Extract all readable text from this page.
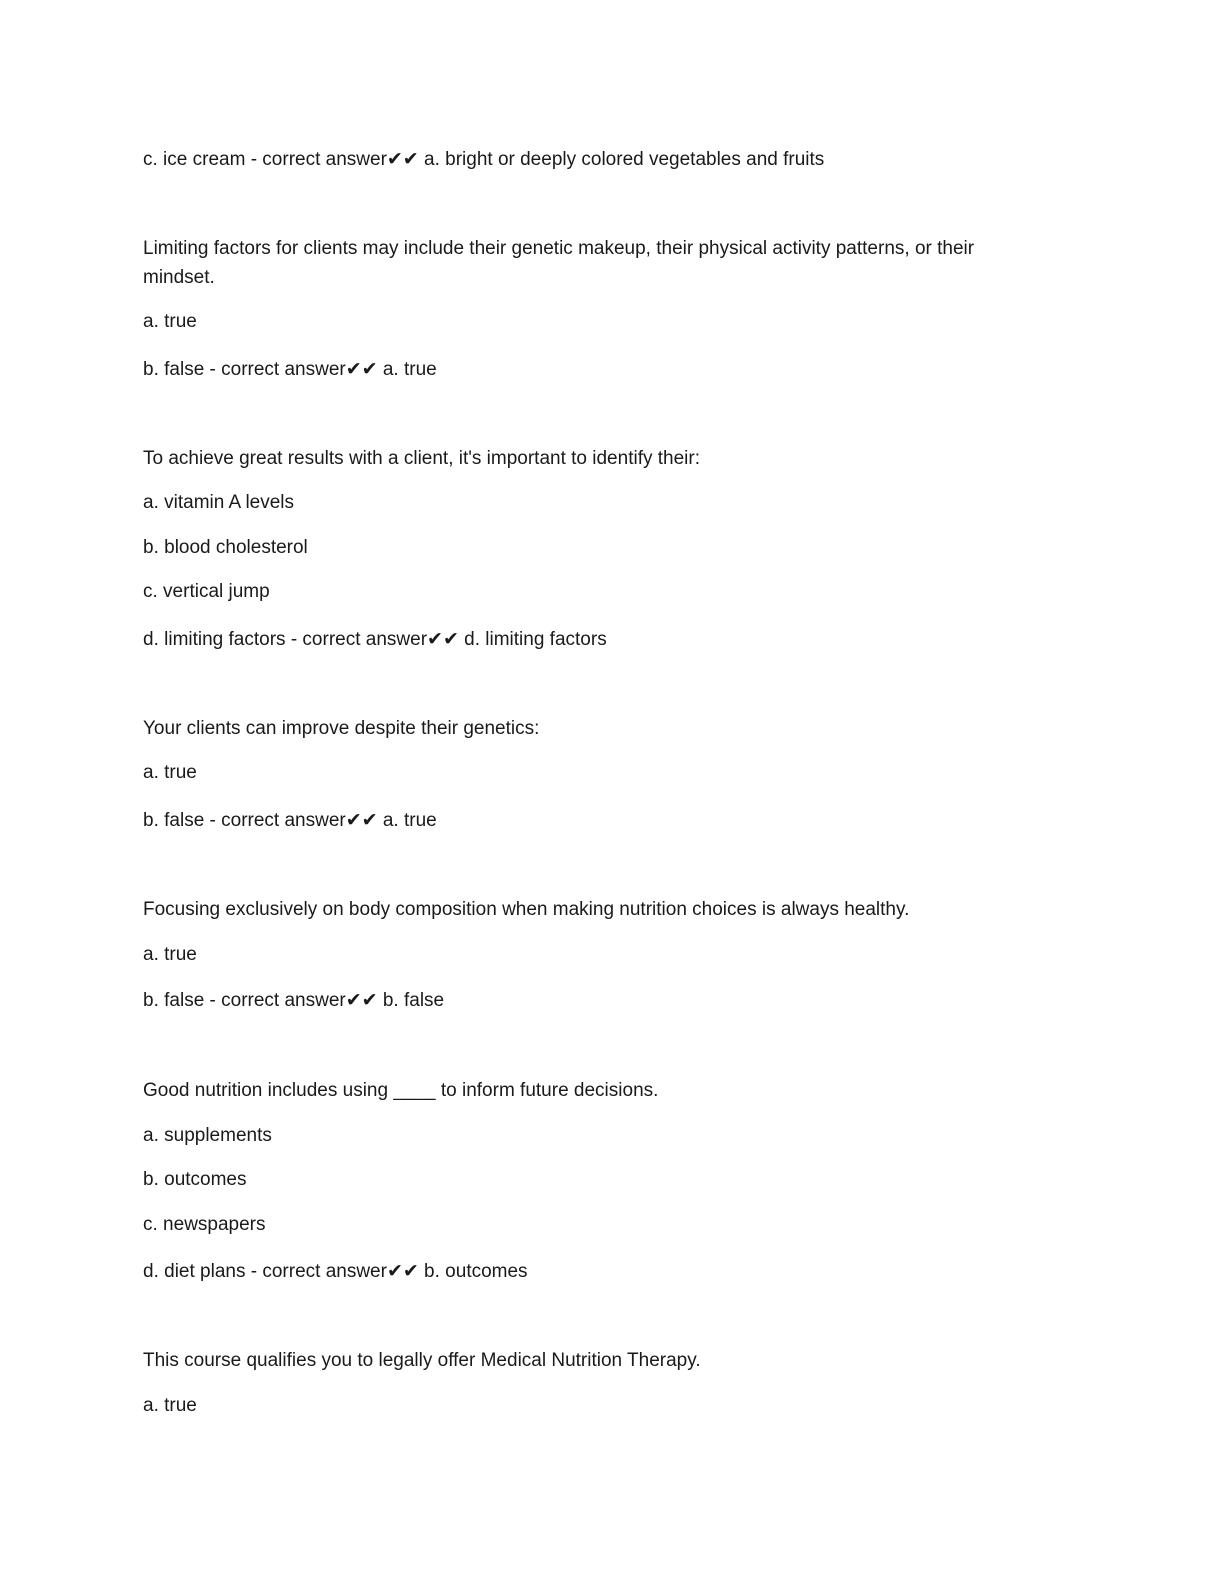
c. ice cream - correct answer✔✔ a. bright or deeply colored vegetables and fruits
Limiting factors for clients may include their genetic makeup, their physical activity patterns, or their mindset.
a. true
b. false - correct answer✔✔ a. true
To achieve great results with a client, it's important to identify their:
a. vitamin A levels
b. blood cholesterol
c. vertical jump
d. limiting factors - correct answer✔✔ d. limiting factors
Your clients can improve despite their genetics:
a. true
b. false - correct answer✔✔ a. true
Focusing exclusively on body composition when making nutrition choices is always healthy.
a. true
b. false - correct answer✔✔ b. false
Good nutrition includes using ____ to inform future decisions.
a. supplements
b. outcomes
c. newspapers
d. diet plans - correct answer✔✔ b. outcomes
This course qualifies you to legally offer Medical Nutrition Therapy.
a. true
